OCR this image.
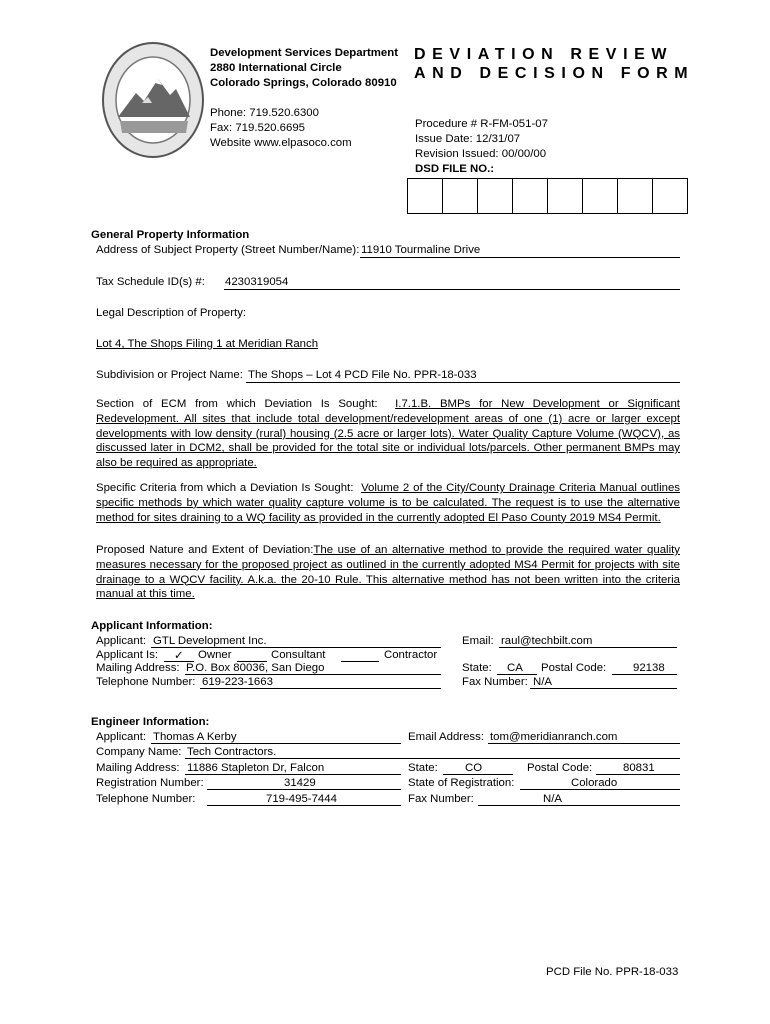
Development Services Department
2880 International Circle
Colorado Springs, Colorado 80910
Phone: 719.520.6300
Fax: 719.520.6695
Website www.elpasoco.com
DEVIATION REVIEW
AND DECISION FORM
Procedure # R-FM-051-07
Issue Date: 12/31/07
Revision Issued: 00/00/00
DSD FILE NO.:
General Property Information
Address of Subject Property (Street Number/Name): 11910 Tourmaline Drive
Tax Schedule ID(s) #: 4230319054
Legal Description of Property:
Lot 4, The Shops Filing 1 at Meridian Ranch
Subdivision or Project Name: The Shops – Lot 4 PCD File No. PPR-18-033
Section of ECM from which Deviation Is Sought: I.7.1.B. BMPs for New Development or Significant Redevelopment. All sites that include total development/redevelopment areas of one (1) acre or larger except developments with low density (rural) housing (2.5 acre or larger lots). Water Quality Capture Volume (WQCV), as discussed later in DCM2, shall be provided for the total site or individual lots/parcels. Other permanent BMPs may also be required as appropriate.
Specific Criteria from which a Deviation Is Sought: Volume 2 of the City/County Drainage Criteria Manual outlines specific methods by which water quality capture volume is to be calculated. The request is to use the alternative method for sites draining to a WQ facility as provided in the currently adopted El Paso County 2019 MS4 Permit.
Proposed Nature and Extent of Deviation:The use of an alternative method to provide the required water quality measures necessary for the proposed project as outlined in the currently adopted MS4 Permit for projects with site drainage to a WQCV facility. A.k.a. the 20-10 Rule. This alternative method has not been written into the criteria manual at this time.
Applicant Information:
Applicant: GTL Development Inc.	Email: raul@techbilt.com
Applicant Is: ✓ Owner	Consultant	Contractor
Mailing Address: P.O. Box 80036, San Diego	State: CA Postal Code: 92138
Telephone Number: 619-223-1663	Fax Number: N/A
Engineer Information:
Applicant: Thomas A Kerby	Email Address: tom@meridianranch.com
Company Name: Tech Contractors.
Mailing Address: 11886 Stapleton Dr, Falcon	State: CO	Postal Code:	80831
Registration Number:	31429	State of Registration:	Colorado
Telephone Number:	719-495-7444	Fax Number:	N/A
PCD File No. PPR-18-033
